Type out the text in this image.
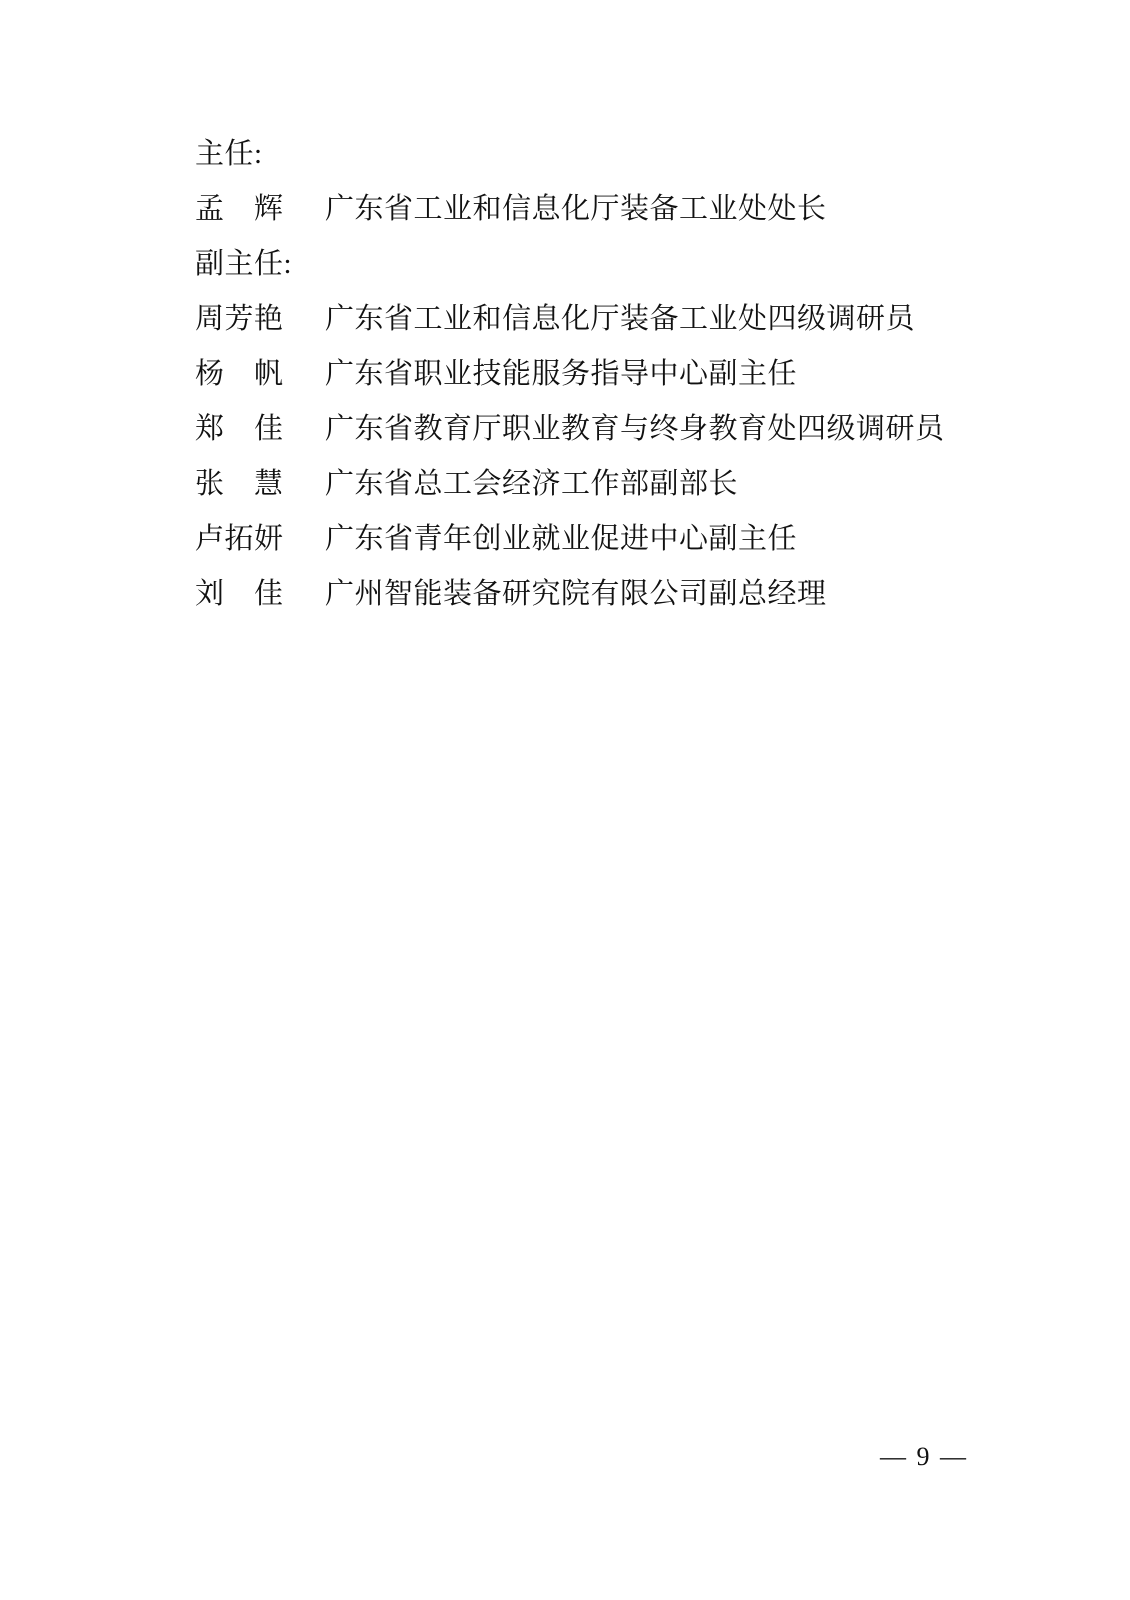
主任:
孟　辉	广东省工业和信息化厅装备工业处处长
副主任:
周芳艳	广东省工业和信息化厅装备工业处四级调研员
杨　帆	广东省职业技能服务指导中心副主任
郑　佳	广东省教育厅职业教育与终身教育处四级调研员
张　慧	广东省总工会经济工作部副部长
卢拓妍	广东省青年创业就业促进中心副主任
刘　佳	广州智能装备研究院有限公司副总经理
— 9 —
